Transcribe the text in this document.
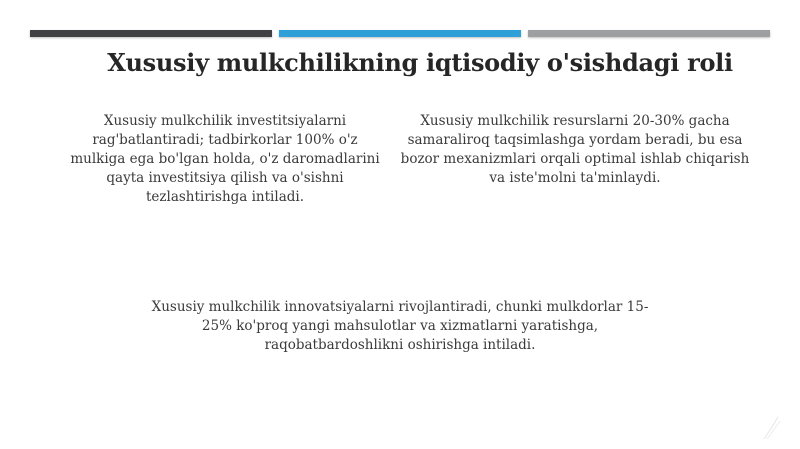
Xususiy mulkchilikning iqtisodiy o'sishdagi roli
Xususiy mulkchilik investitsiyalarni rag'batlantiradi; tadbirkorlar 100% o'z mulkiga ega bo'lgan holda, o'z daromadlarini qayta investitsiya qilish va o'sishni tezlashtirishga intiladi.
Xususiy mulkchilik resurslarni 20-30% gacha samaraliroq taqsimlashga yordam beradi, bu esa bozor mexanizmlari orqali optimal ishlab chiqarish va iste'molni ta'minlaydi.
Xususiy mulkchilik innovatsiyalarni rivojlantiradi, chunki mulkdorlar 15-25% ko'proq yangi mahsulotlar va xizmatlarni yaratishga, raqobatbardoshlikni oshirishga intiladi.
